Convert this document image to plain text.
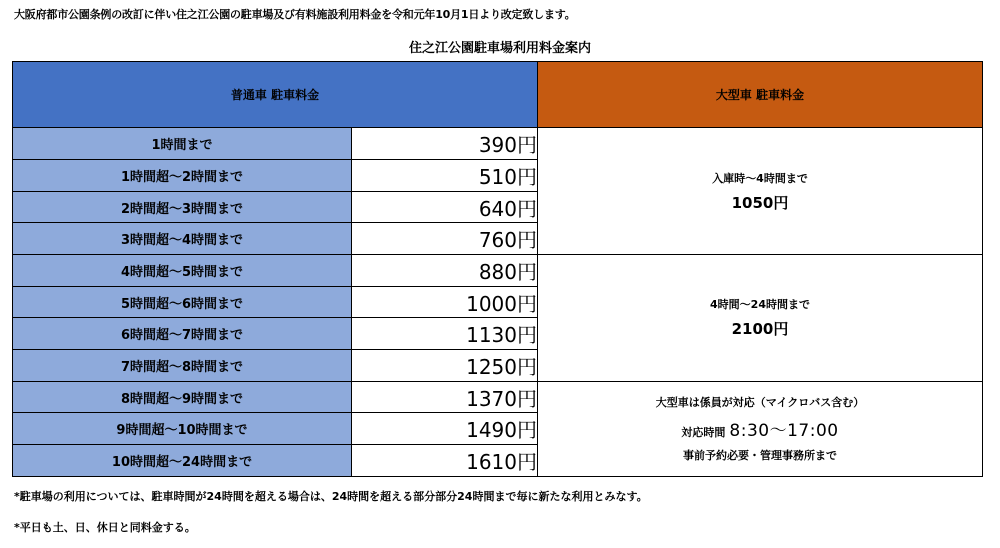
大阪府都市公園条例の改訂に伴い住之江公園の駐車場及び有料施設利用料金を令和元年10月1日より改定致します。
住之江公園駐車場利用料金案内
普通車 駐車料金		大型車 駐車料金
1時間まで	390円	入庫時～4時間まで
1050円

1時間超～2時間まで	510円	
2時間超～3時間まで	640円	
3時間超～4時間まで	760円	
4時間超～5時間まで	880円	4時間～24時間まで
2100円

5時間超～6時間まで	1000円	
6時間超～7時間まで	1130円	
7時間超～8時間まで	1250円	
8時間超～9時間まで	1370円	大型車は係員が対応（マイクロバス含む）
対応時間 8:30～17:00
事前予約必要・管理事務所まで

9時間超～10時間まで	1490円	
10時間超～24時間まで	1610円	
*駐車場の利用については、駐車時間が24時間を超える場合は、24時間を超える部分部分24時間まで毎に新たな利用とみなす。
*平日も土、日、休日と同料金する。
